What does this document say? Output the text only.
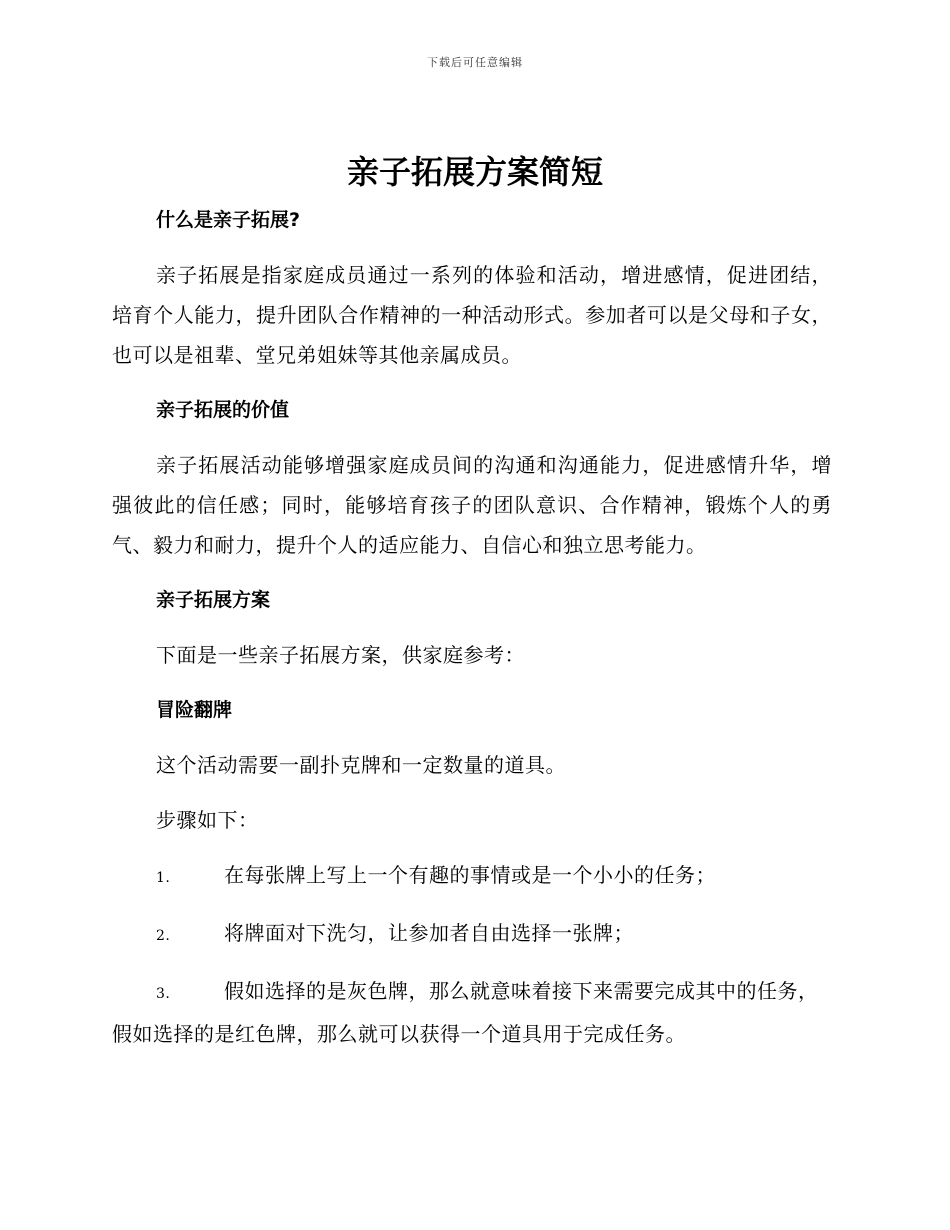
下载后可任意编辑
亲子拓展方案简短

什么是亲子拓展?

亲子拓展是指家庭成员通过一系列的体验和活动，增进感情，促进团结，培育个人能力，提升团队合作精神的一种活动形式。参加者可以是父母和子女，也可以是祖辈、堂兄弟姐妹等其他亲属成员。

亲子拓展的价值

亲子拓展活动能够增强家庭成员间的沟通和沟通能力，促进感情升华，增强彼此的信任感；同时，能够培育孩子的团队意识、合作精神，锻炼个人的勇气、毅力和耐力，提升个人的适应能力、自信心和独立思考能力。

亲子拓展方案

下面是一些亲子拓展方案，供家庭参考：

冒险翻牌

这个活动需要一副扑克牌和一定数量的道具。

步骤如下：

1.	在每张牌上写上一个有趣的事情或是一个小小的任务；

2.	将牌面对下洗匀，让参加者自由选择一张牌；

3.	假如选择的是灰色牌，那么就意味着接下来需要完成其中的任务，假如选择的是红色牌，那么就可以获得一个道具用于完成任务。
